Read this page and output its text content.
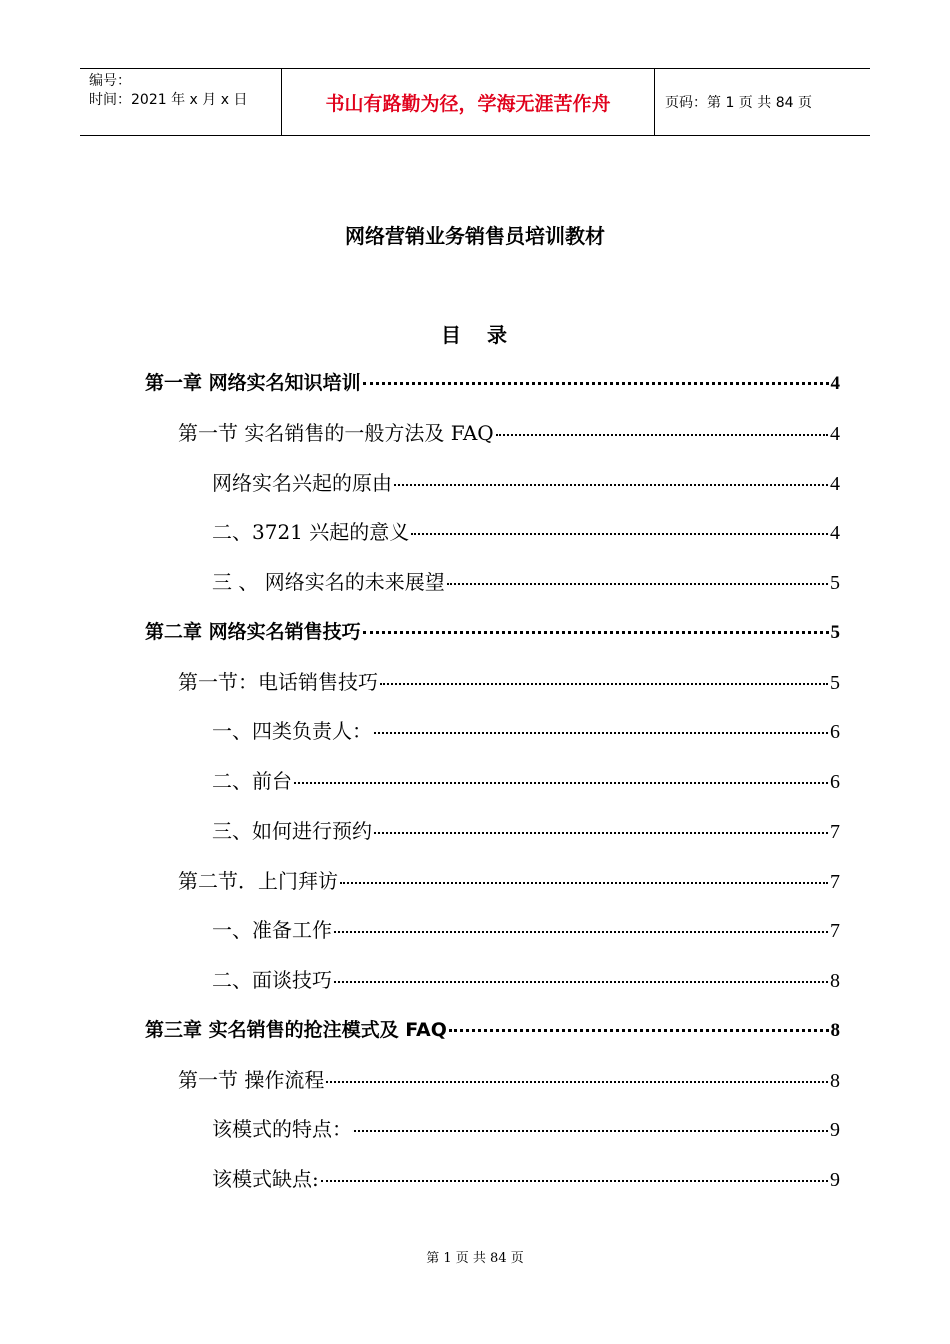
编号：
时间：2021 年 x 月 x 日	书山有路勤为径，学海无涯苦作舟	页码：第 1 页 共 84 页
网络营销业务销售员培训教材
目 录
第一章 网络实名知识培训	4
第一节 实名销售的一般方法及 FAQ	4
网络实名兴起的原由	4
二、3721 兴起的意义	4
三 、 网络实名的未来展望	5
第二章 网络实名销售技巧	5
第一节：电话销售技巧	5
一、四类负责人：	6
二、前台	6
三、如何进行预约	7
第二节．上门拜访	7
一、准备工作	7
二、面谈技巧	8
第三章 实名销售的抢注模式及 FAQ	8
第一节 操作流程	8
该模式的特点：	9
该模式缺点:	9
第 1 页 共 84 页
